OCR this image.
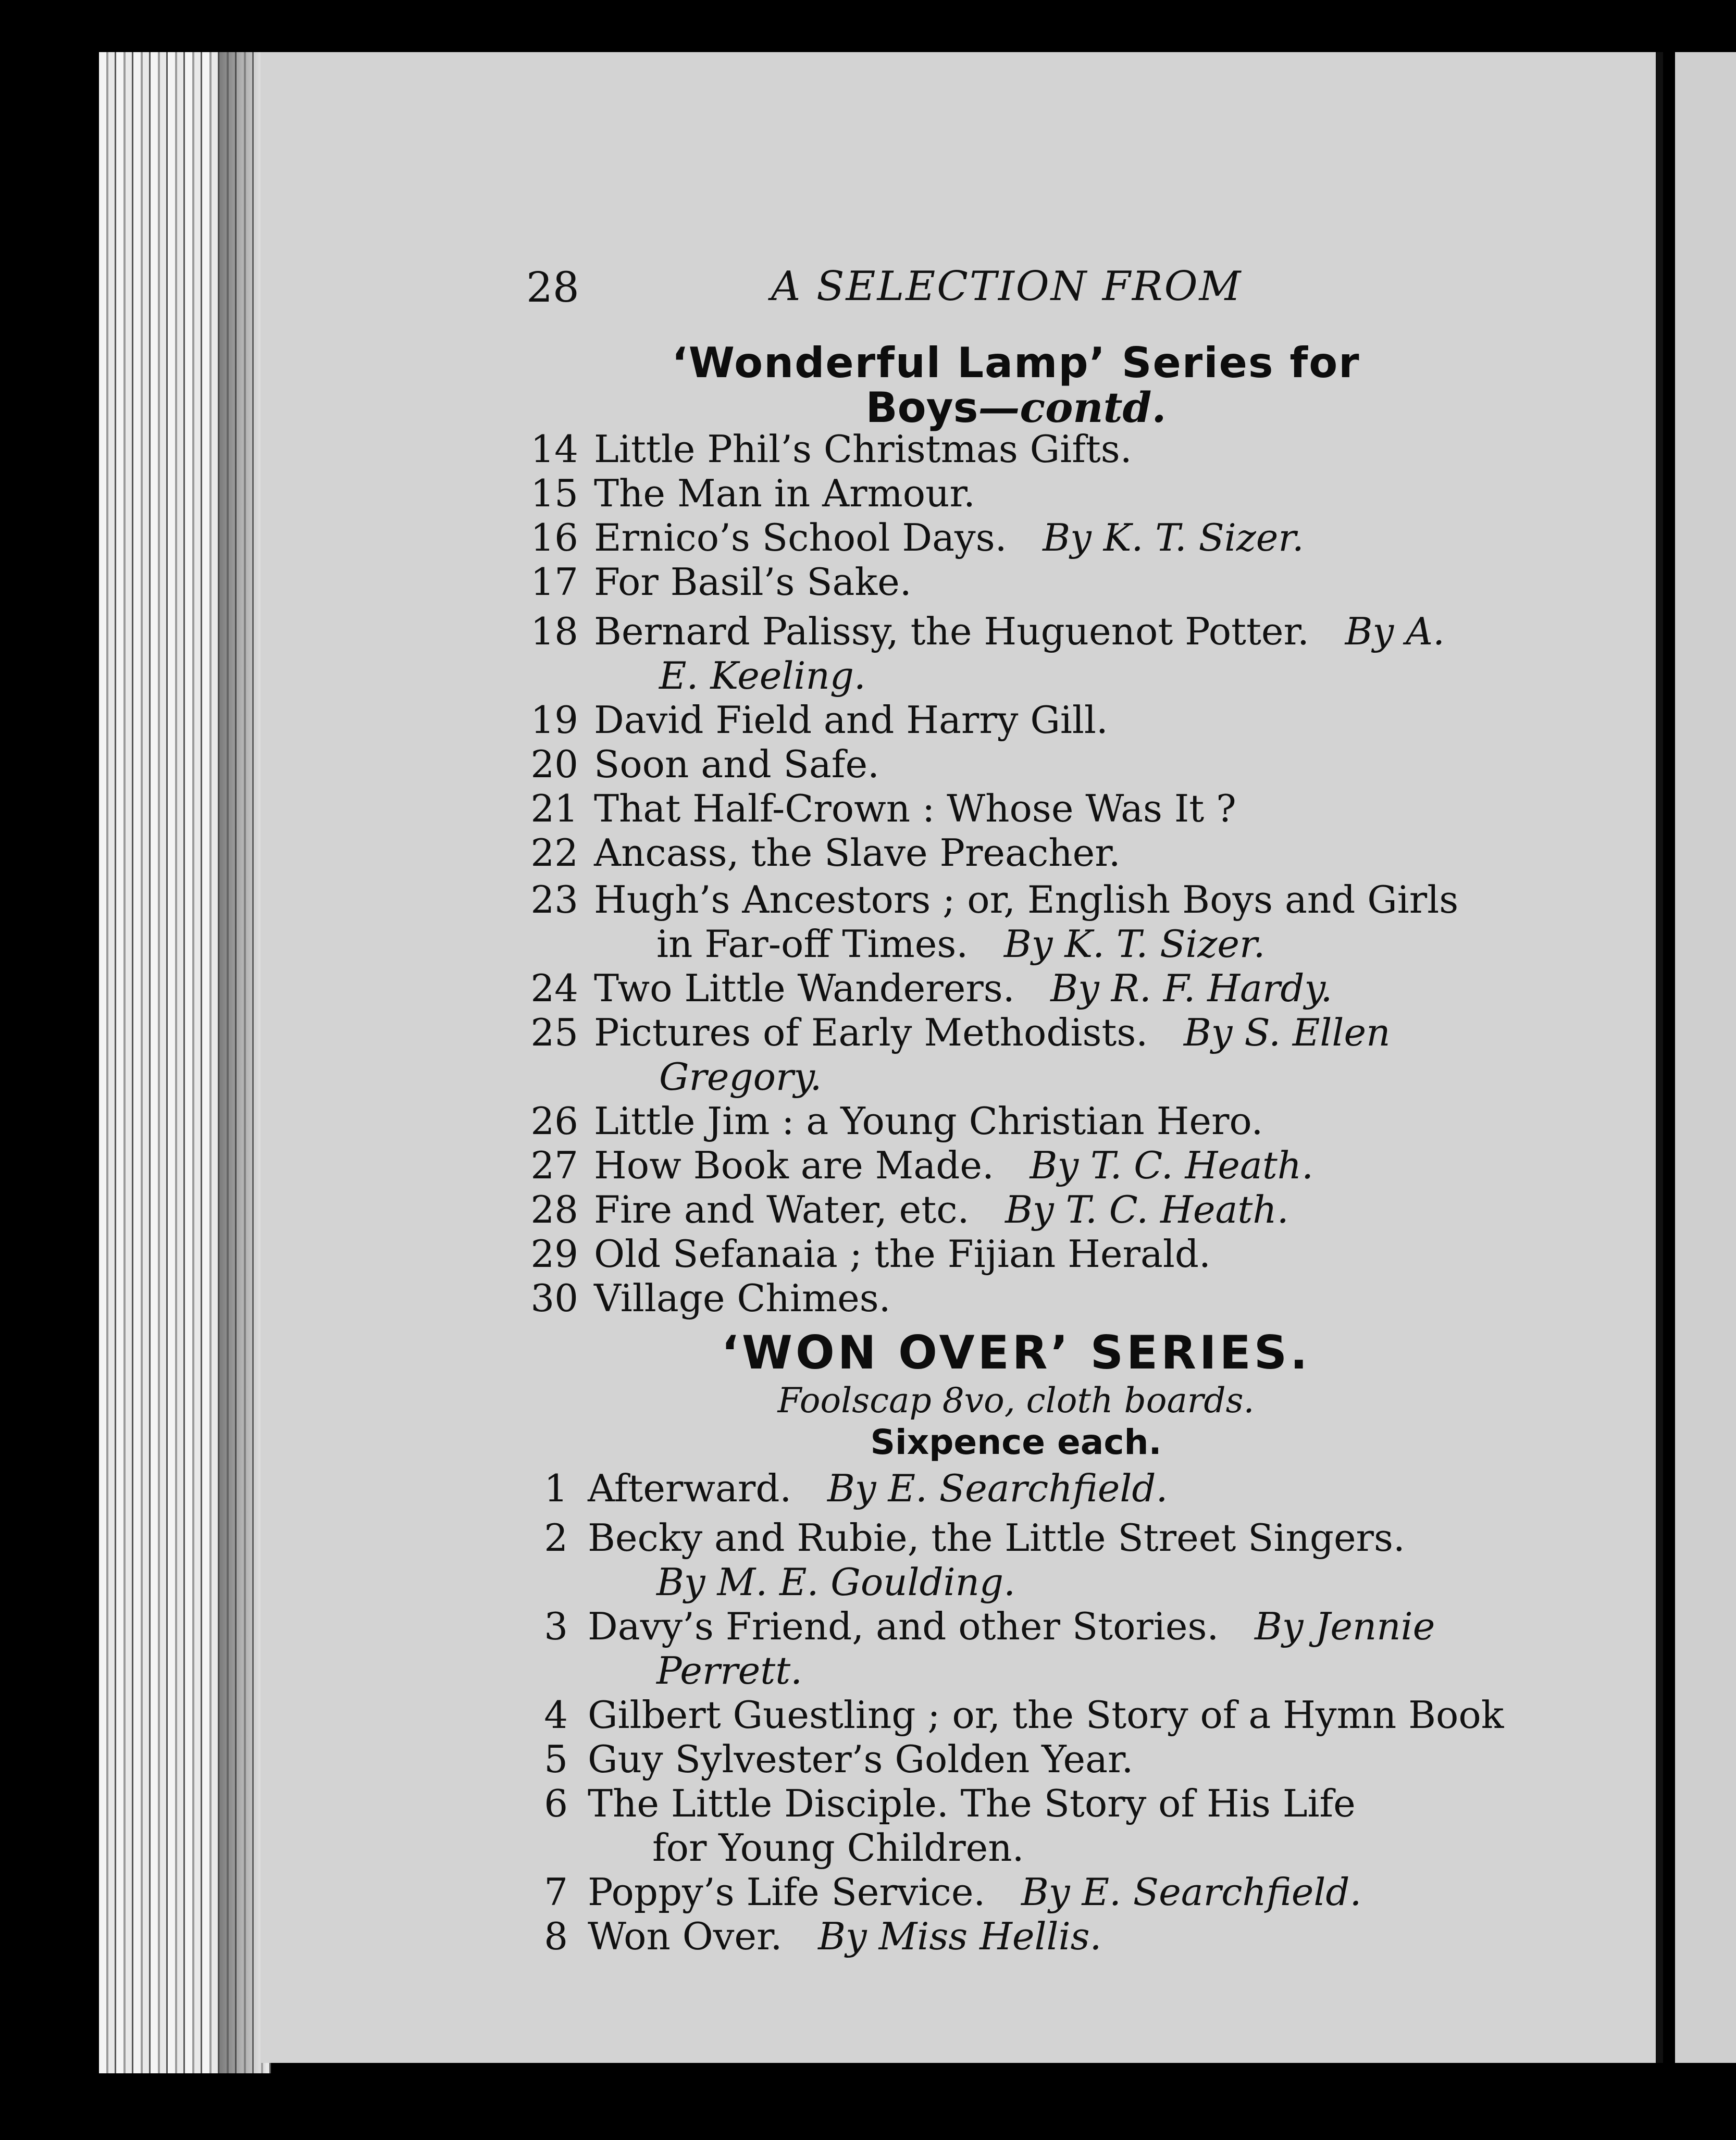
28	A SELECTION FROM
‘Wonderful Lamp’ Series for
Boys—contd.
14 Little Phil’s Christmas Gifts.
15 The Man in Armour.
16 Ernico’s School Days. By K. T. Sizer.
17 For Basil’s Sake.
18 Bernard Palissy, the Huguenot Potter. By A.
19 David Field and Harry Gill.
20 Soon and Safe.
21 That Half-Crown : Whose Was It ?
22 Ancass, the Slave Preacher.
23 Hugh’s Ancestors ; or, English Boys and Girls
24 Two Little Wanderers. By R. F. Hardy.
25 Pictures of Early Methodists. By S. Ellen
26 Little Jim : a Young Christian Hero.
27 How Book are Made. By T. C. Heath.
28 Fire and Water, etc. By T. C. Heath.
29 Old Sefanaia ; the Fijian Herald.
30 Village Chimes.
E. Keeling.
in Far-off Times. By K. T. Sizer.
Gregory.
‘WON OVER’ SERIES.
Foolscap 8vo, cloth boards.
Sixpence each.
1 Afterward. By E. Searchfield.
2 Becky and Rubie, the Little Street Singers.
3 Davy’s Friend, and other Stories. By Jennie
4 Gilbert Guestling ; or, the Story of a Hymn Book
5 Guy Sylvester’s Golden Year.
6 The Little Disciple. The Story of His Life
7 Poppy’s Life Service. By E. Searchfield.
8 Won Over. By Miss Hellis.
By M. E. Goulding.
Perrett.
for Young Children.
